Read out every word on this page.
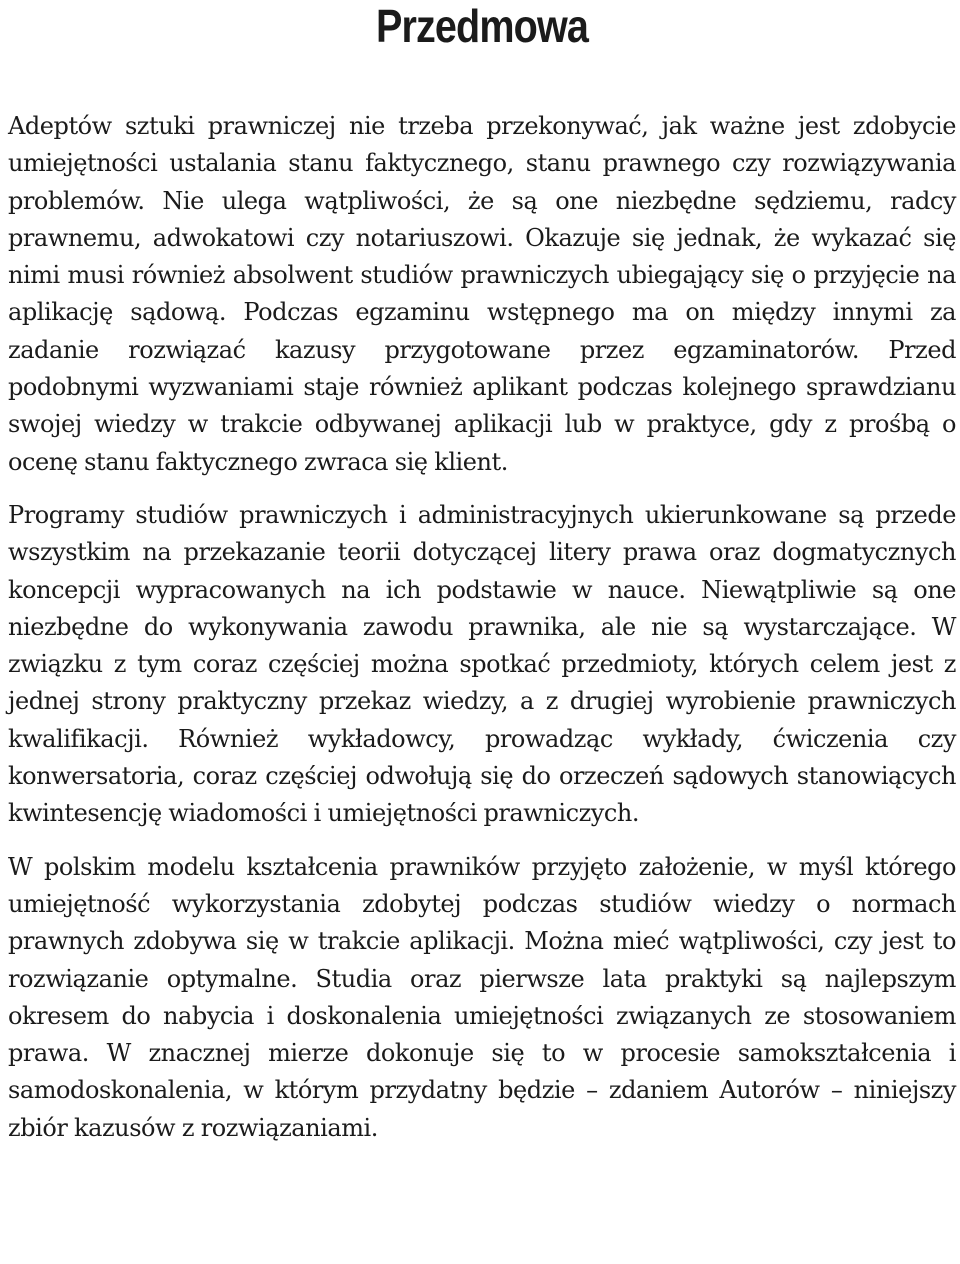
Przedmowa

Adeptów sztuki prawniczej nie trzeba przekonywać, jak ważne jest zdobycie umiejętności ustalania stanu faktycznego, stanu prawnego czy rozwiązywania problemów. Nie ulega wątpliwości, że są one niezbędne sędziemu, radcy prawnemu, adwokatowi czy notariuszowi. Okazuje się jednak, że wykazać się nimi musi również absolwent studiów prawniczych ubiegający się o przyjęcie na aplikację sądową. Podczas egzaminu wstępnego ma on między innymi za zadanie rozwiązać kazusy przygotowane przez egzaminatorów. Przed podobnymi wyzwaniami staje również aplikant podczas kolejnego sprawdzianu swojej wiedzy w trakcie odbywanej aplikacji lub w praktyce, gdy z prośbą o ocenę stanu faktycznego zwraca się klient.

Programy studiów prawniczych i administracyjnych ukierunkowane są przede wszystkim na przekazanie teorii dotyczącej litery prawa oraz dogmatycznych koncepcji wypracowanych na ich podstawie w nauce. Niewątpliwie są one niezbędne do wykonywania zawodu prawnika, ale nie są wystarczające. W związku z tym coraz częściej można spotkać przedmioty, których celem jest z jednej strony praktyczny przekaz wiedzy, a z drugiej wyrobienie prawniczych kwalifikacji. Również wykładowcy, prowadząc wykłady, ćwiczenia czy konwersatoria, coraz częściej odwołują się do orzeczeń sądowych stanowiących kwintesencję wiadomości i umiejętności prawniczych.

W polskim modelu kształcenia prawników przyjęto założenie, w myśl którego umiejętność wykorzystania zdobytej podczas studiów wiedzy o normach prawnych zdobywa się w trakcie aplikacji. Można mieć wątpliwości, czy jest to rozwiązanie optymalne. Studia oraz pierwsze lata praktyki są najlepszym okresem do nabycia i doskonalenia umiejętności związanych ze stosowaniem prawa. W znacznej mierze dokonuje się to w procesie samokształcenia i samodoskonalenia, w którym przydatny będzie – zdaniem Autorów – niniejszy zbiór kazusów z rozwiązaniami.
